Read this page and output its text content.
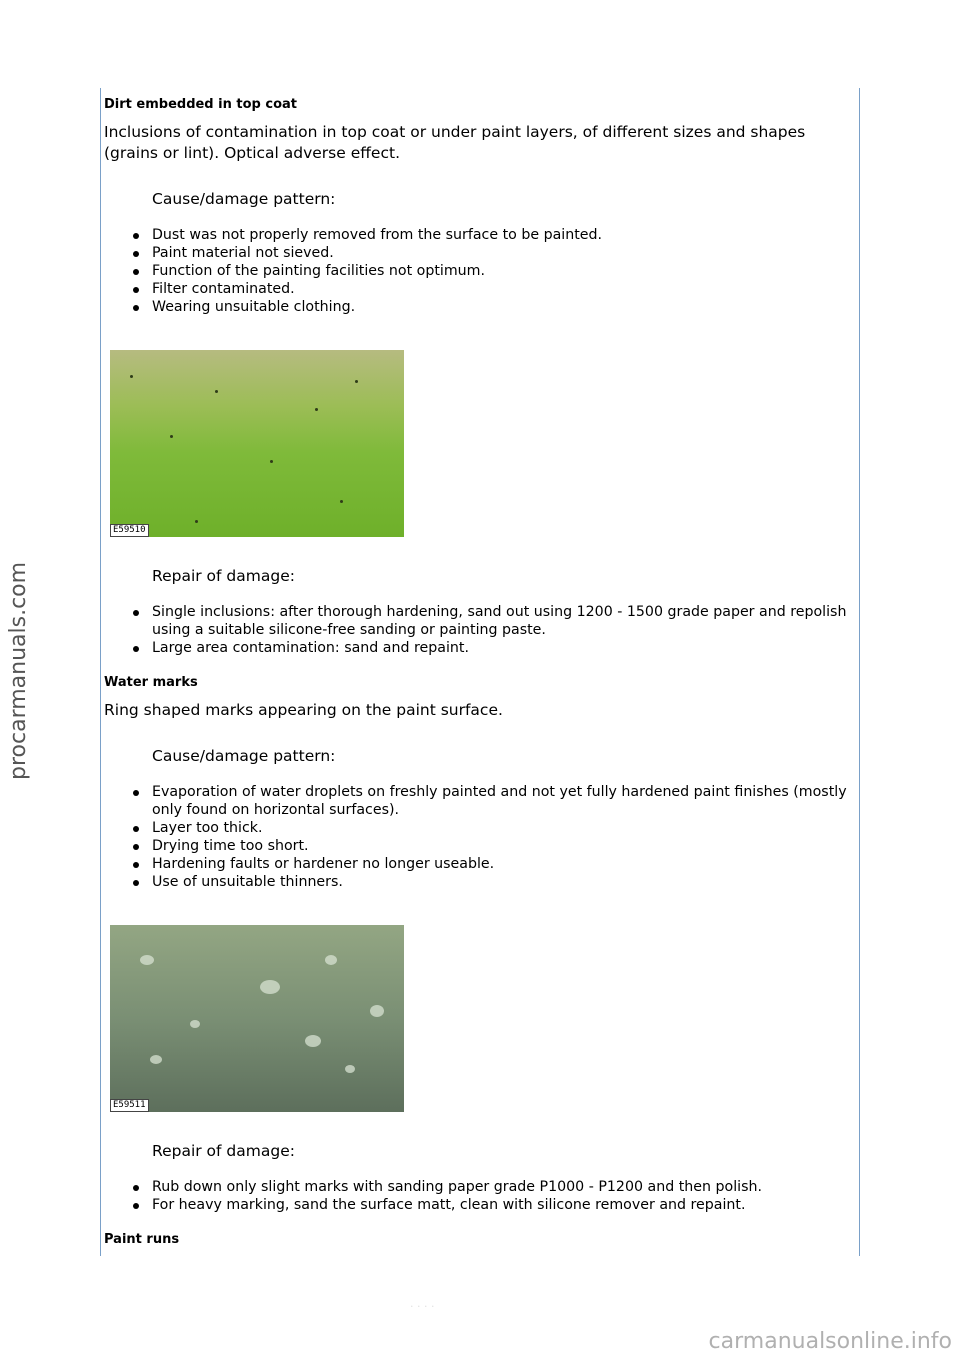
procarmanuals.com
Dirt embedded in top coat

Inclusions of contamination in top coat or under paint layers, of different sizes and shapes (grains or lint). Optical adverse effect.

Cause/damage pattern:
Dust was not properly removed from the surface to be painted.
Paint material not sieved.
Function of the painting facilities not optimum.
Filter contaminated.
Wearing unsuitable clothing.
E59510
Repair of damage:
Single inclusions: after thorough hardening, sand out using 1200 - 1500 grade paper and repolish using a suitable silicone-free sanding or painting paste.
Large area contamination: sand and repaint.
Water marks

Ring shaped marks appearing on the paint surface.

Cause/damage pattern:
Evaporation of water droplets on freshly painted and not yet fully hardened paint finishes (mostly only found on horizontal surfaces).
Layer too thick.
Drying time too short.
Hardening faults or hardener no longer useable.
Use of unsuitable thinners.
E59511
Repair of damage:
Rub down only slight marks with sanding paper grade P1000 - P1200 and then polish.
For heavy marking, sand the surface matt, clean with silicone remover and repaint.
Paint runs
· · · ·
carmanualsonline.info
